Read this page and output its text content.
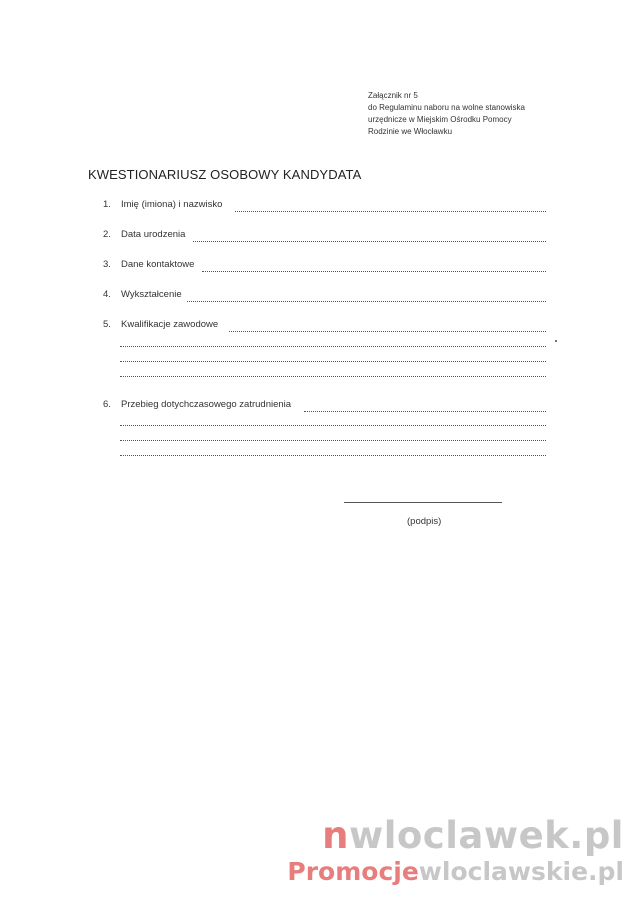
Załącznik nr 5
do Regulaminu naboru na wolne stanowiska
urzędnicze w Miejskim Ośrodku Pomocy
Rodzinie we Włocławku
KWESTIONARIUSZ OSOBOWY KANDYDATA
1. Imię (imiona) i nazwisko
2. Data urodzenia
3. Dane kontaktowe
4. Wykształcenie
5. Kwalifikacje zawodowe
6. Przebieg dotychczasowego zatrudnienia
(podpis)
nwloclawek.pl
Promocjewloclawskie.pl
